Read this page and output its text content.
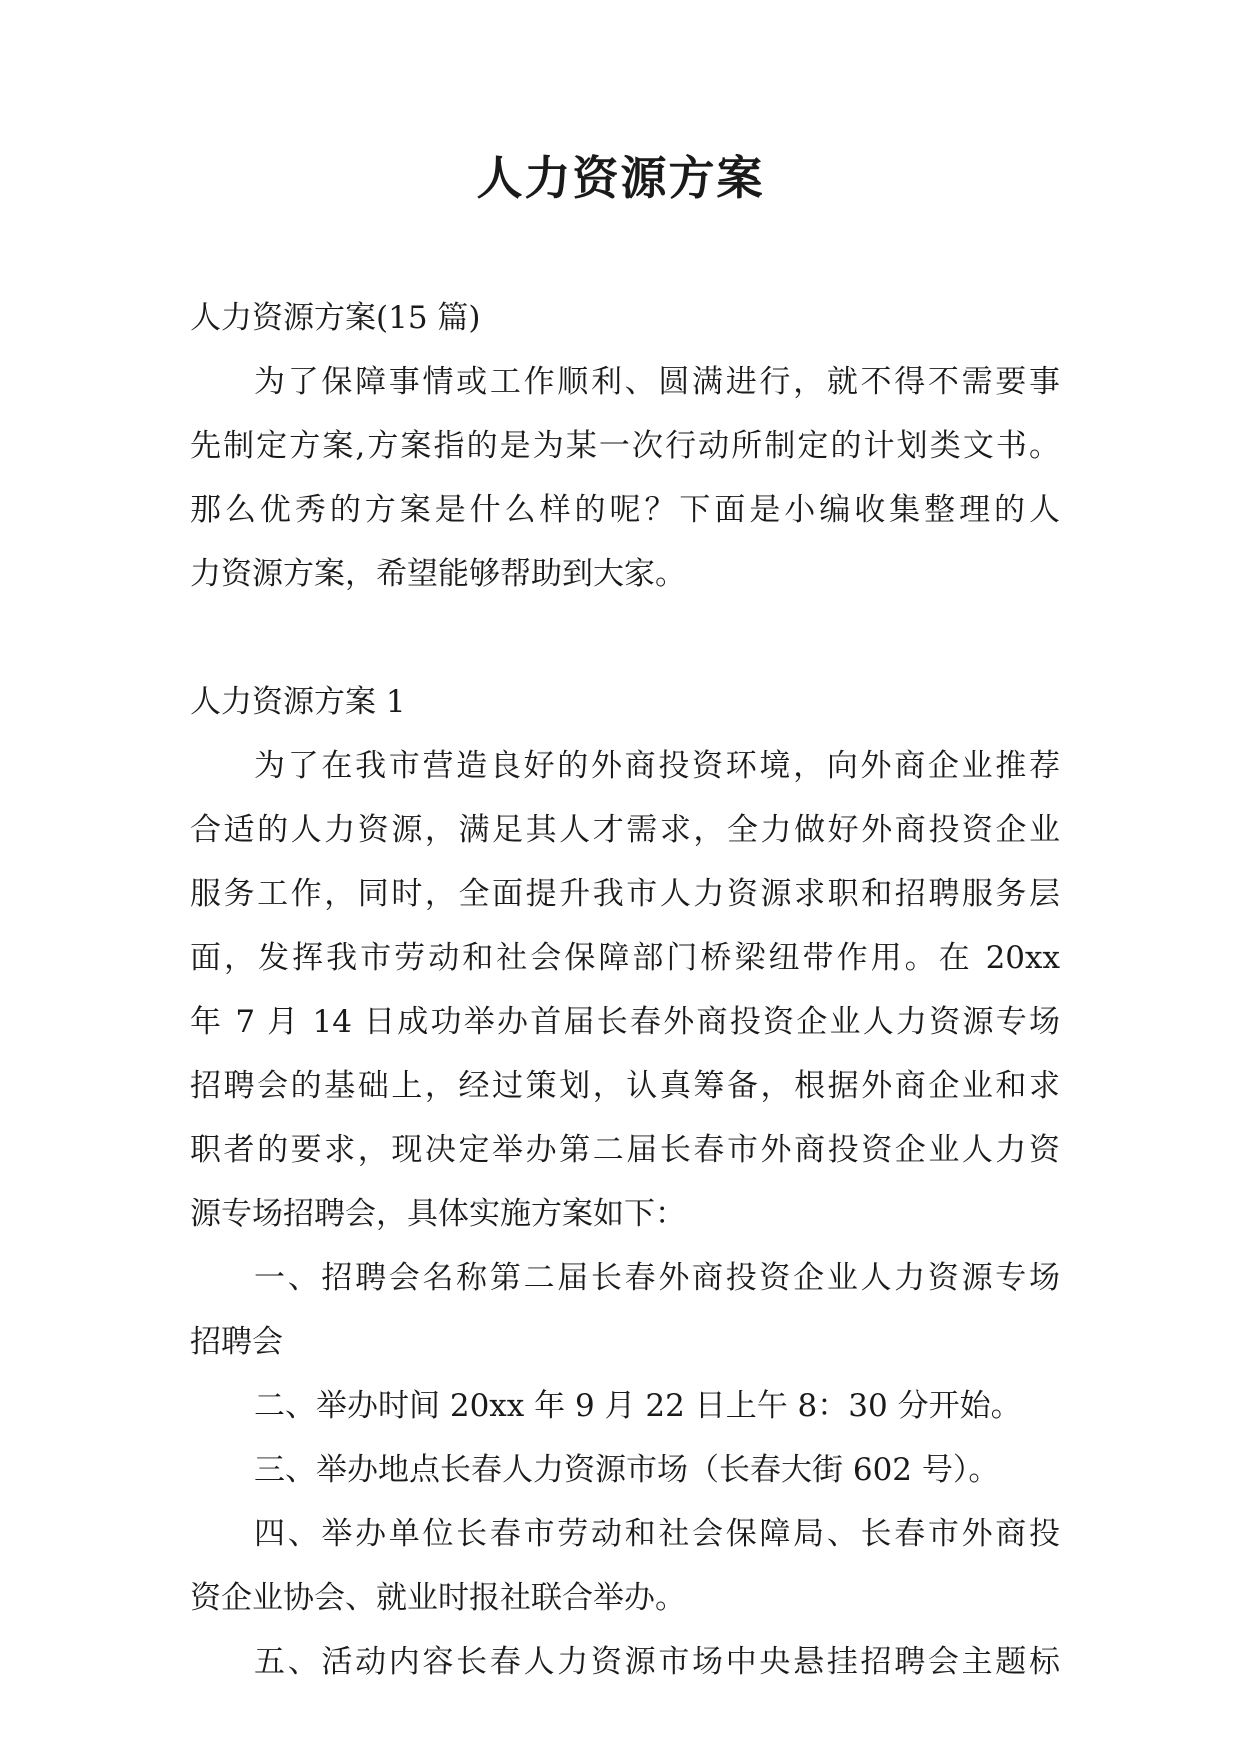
人力资源方案
人力资源方案(15 篇)
为了保障事情或工作顺利、圆满进行，就不得不需要事
先制定方案,方案指的是为某一次行动所制定的计划类文书。
那么优秀的方案是什么样的呢？下面是小编收集整理的人
力资源方案，希望能够帮助到大家。
人力资源方案 1
为了在我市营造良好的外商投资环境，向外商企业推荐
合适的人力资源，满足其人才需求，全力做好外商投资企业
服务工作，同时，全面提升我市人力资源求职和招聘服务层
面，发挥我市劳动和社会保障部门桥梁纽带作用。在 20xx
年 7 月 14 日成功举办首届长春外商投资企业人力资源专场
招聘会的基础上，经过策划，认真筹备，根据外商企业和求
职者的要求，现决定举办第二届长春市外商投资企业人力资
源专场招聘会，具体实施方案如下：
一、招聘会名称第二届长春外商投资企业人力资源专场
招聘会
二、举办时间 20xx 年 9 月 22 日上午 8：30 分开始。
三、举办地点长春人力资源市场（长春大街 602 号）。
四、举办单位长春市劳动和社会保障局、长春市外商投
资企业协会、就业时报社联合举办。
五、活动内容长春人力资源市场中央悬挂招聘会主题标
